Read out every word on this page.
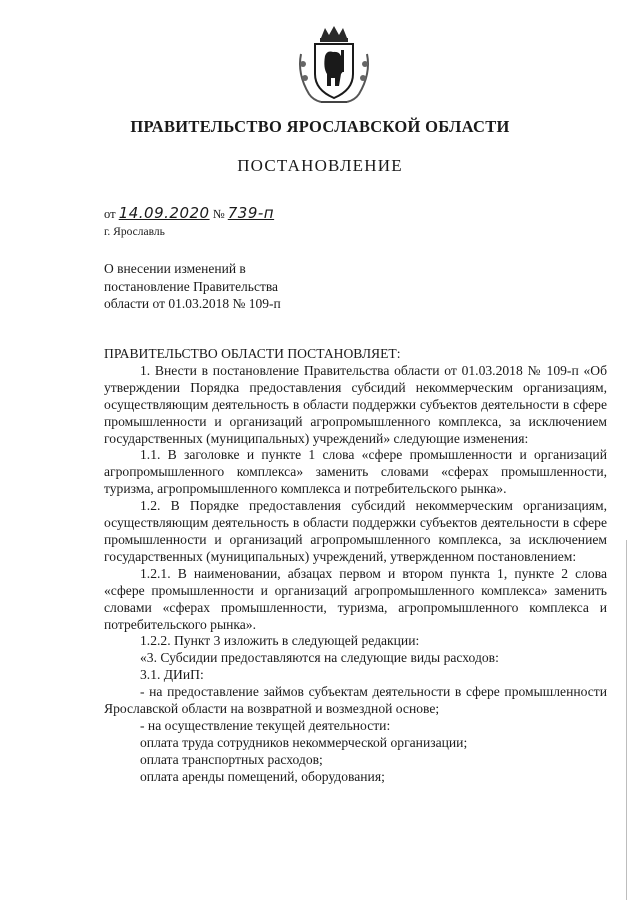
ПРАВИТЕЛЬСТВО ЯРОСЛАВСКОЙ ОБЛАСТИ
ПОСТАНОВЛЕНИЕ
от 14.09.2020 № 739-п
г. Ярославль
О внесении изменений в
постановление Правительства
области от 01.03.2018 № 109-п

ПРАВИТЕЛЬСТВО ОБЛАСТИ ПОСТАНОВЛЯЕТ:

1. Внести в постановление Правительства области от 01.03.2018 № 109-п «Об утверждении Порядка предоставления субсидий некоммерческим организациям, осуществляющим деятельность в области поддержки субъектов деятельности в сфере промышленности и организаций агропромышленного комплекса, за исключением государственных (муниципальных) учреждений» следующие изменения:

1.1. В заголовке и пункте 1 слова «сфере промышленности и организаций агропромышленного комплекса» заменить словами «сферах промышленности, туризма, агропромышленного комплекса и потребительского рынка».

1.2. В Порядке предоставления субсидий некоммерческим организациям, осуществляющим деятельность в области поддержки субъектов деятельности в сфере промышленности и организаций агропромышленного комплекса, за исключением государственных (муниципальных) учреждений, утвержденном постановлением:

1.2.1. В наименовании, абзацах первом и втором пункта 1, пункте 2 слова «сфере промышленности и организаций агропромышленного комплекса» заменить словами «сферах промышленности, туризма, агропромышленного комплекса и потребительского рынка».

1.2.2. Пункт 3 изложить в следующей редакции:

«3. Субсидии предоставляются на следующие виды расходов:

3.1. ДИиП:

- на предоставление займов субъектам деятельности в сфере промышленности Ярославской области на возвратной и возмездной основе;

- на осуществление текущей деятельности:

оплата труда сотрудников некоммерческой организации;

оплата транспортных расходов;

оплата аренды помещений, оборудования;
